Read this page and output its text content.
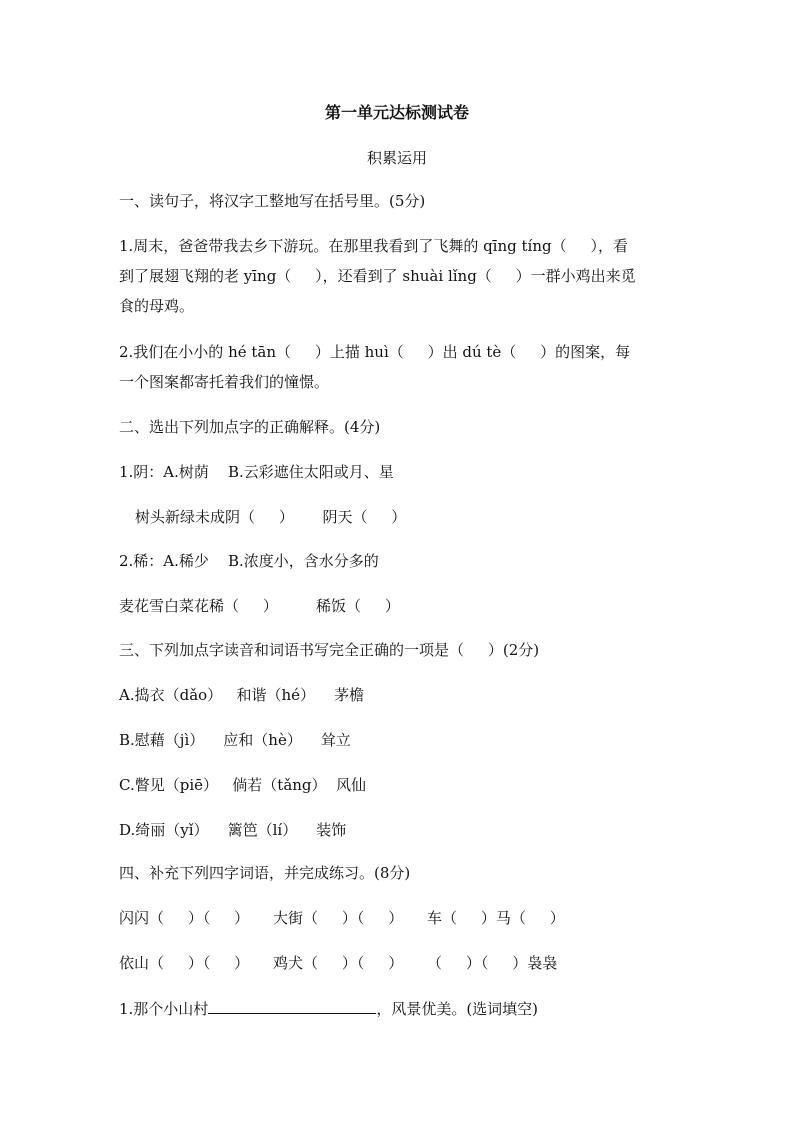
第一单元达标测试卷
积累运用
一、读句子，将汉字工整地写在括号里。(5分)
1.周末，爸爸带我去乡下游玩。在那里我看到了飞舞的 qīng tíng（     ），看
到了展翅飞翔的老 yīng（     ），还看到了 shuài lǐng（     ）一群小鸡出来觅
食的母鸡。
2.我们在小小的 hé tān（     ）上描 huì（     ）出 dú tè（     ）的图案，每
一个图案都寄托着我们的憧憬。
二、选出下列加点字的正确解释。(4分)
1.阴：A.树荫    B.云彩遮住太阳或月、星
树头新绿未成阴（     ）      阴天（     ）
2.稀：A.稀少    B.浓度小，含水分多的
麦花雪白菜花稀（     ）        稀饭（     ）
三、下列加点字读音和词语书写完全正确的一项是（     ）(2分)
A.捣衣（dǎo）   和谐（hé）    茅檐
B.慰藉（jì）    应和（hè）    耸立
C.瞥见（piē）   倘若（tǎng）  风仙
D.绮丽（yǐ）    篱笆（lí）    装饰
四、补充下列四字词语，并完成练习。(8分)
闪闪（     ）（     ）     大街（     ）（     ）     车（     ）马（     ）
依山（     ）（     ）     鸡犬（     ）（     ）     （     ）（     ）袅袅
1.那个小山村	，风景优美。(选词填空)
